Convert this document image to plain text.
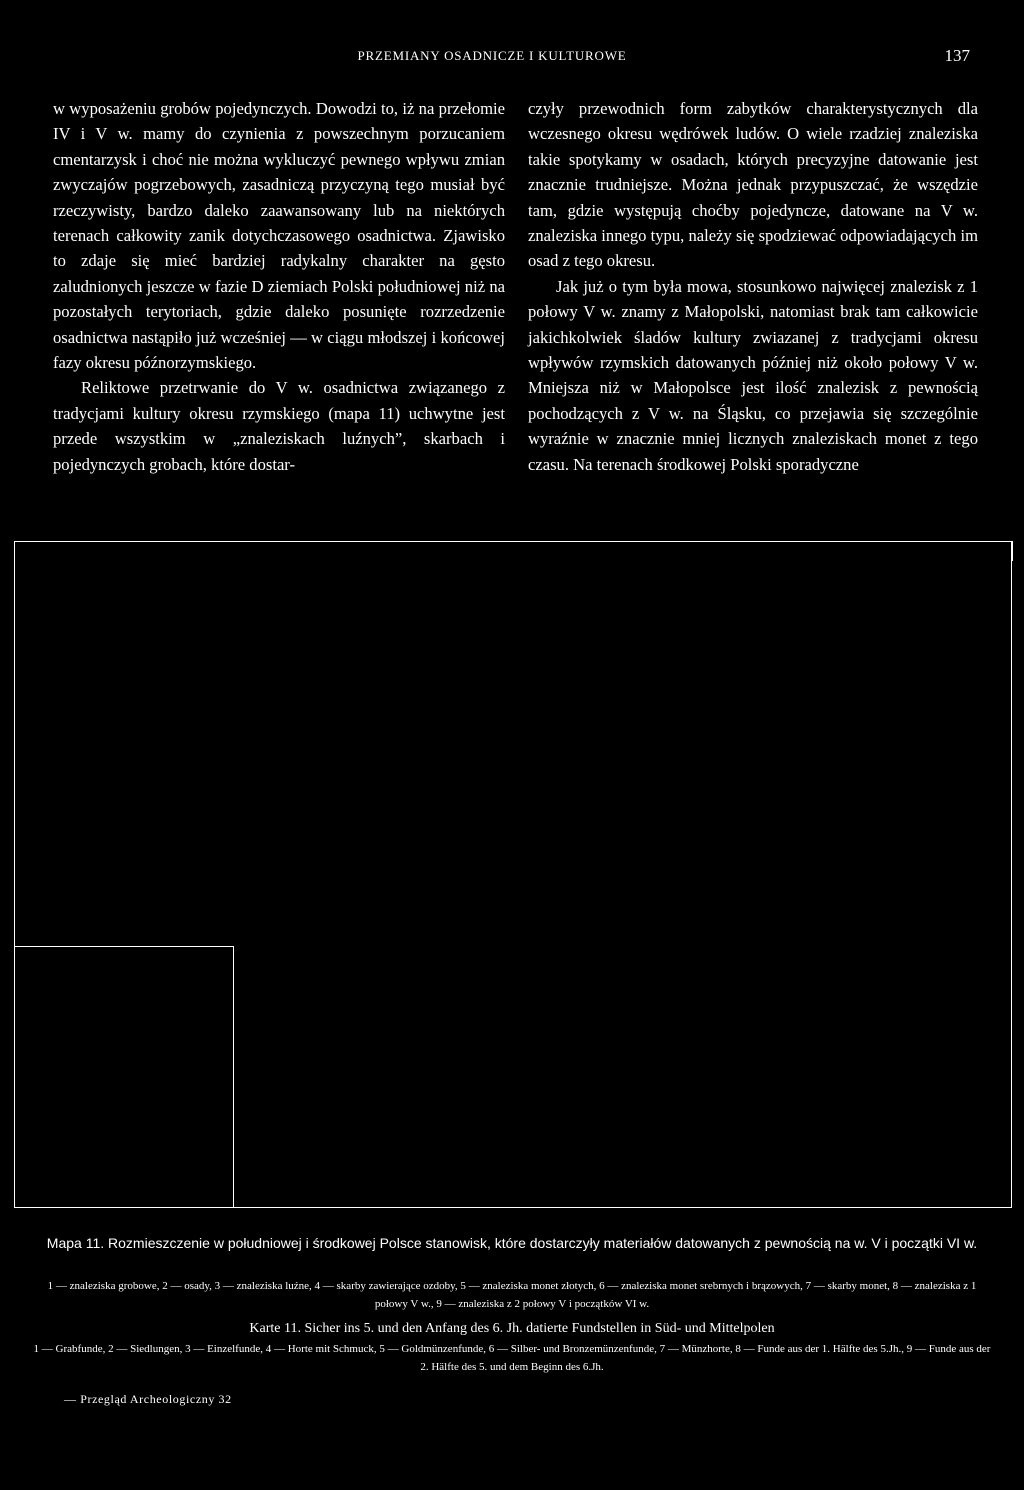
PRZEMIANY OSADNICZE I KULTUROWE	137

w wyposażeniu grobów pojedynczych. Dowodzi to, iż na przełomie IV i V w. mamy do czynienia z powszechnym porzucaniem cmentarzysk i choć nie można wykluczyć pewnego wpływu zmian zwyczajów pogrzebowych, zasadniczą przyczyną tego musiał być rzeczywisty, bardzo daleko zaawansowany lub na niektórych terenach całkowity zanik dotychczasowego osadnictwa. Zjawisko to zdaje się mieć bardziej radykalny charakter na gęsto zaludnionych jeszcze w fazie D ziemiach Polski południowej niż na pozostałych terytoriach, gdzie daleko posunięte rozrzedzenie osadnictwa nastąpiło już wcześniej — w ciągu młodszej i końcowej fazy okresu późnorzymskiego.

Reliktowe przetrwanie do V w. osadnictwa związanego z tradycjami kultury okresu rzymskiego (mapa 11) uchwytne jest przede wszystkim w „znaleziskach luźnych”, skarbach i pojedynczych grobach, które dostar-

czyły przewodnich form zabytków charakterystycznych dla wczesnego okresu wędrówek ludów. O wiele rzadziej znaleziska takie spotykamy w osadach, których precyzyjne datowanie jest znacznie trudniejsze. Można jednak przypuszczać, że wszędzie tam, gdzie występują choćby pojedyncze, datowane na V w. znaleziska innego typu, należy się spodziewać odpowiadających im osad z tego okresu.

Jak już o tym była mowa, stosunkowo najwięcej znalezisk z 1 połowy V w. znamy z Małopolski, natomiast brak tam całkowicie jakichkolwiek śladów kultury zwiazanej z tradycjami okresu wpływów rzymskich datowanych później niż około połowy V w. Mniejsza niż w Małopolsce jest ilość znalezisk z pewnością pochodzących z V w. na Śląsku, co przejawia się szczególnie wyraźnie w znacznie mniej licznych znaleziskach monet z tego czasu. Na terenach środkowej Polski sporadyczne

Mapa 11. Rozmieszczenie w południowej i środkowej Polsce stanowisk, które dostarczyły materiałów datowanych z pewnością na w. V i początki VI w.
1 — znaleziska grobowe, 2 — osady, 3 — znaleziska luźne, 4 — skarby zawierające ozdoby, 5 — znaleziska monet złotych, 6 — znaleziska monet srebrnych i brązowych, 7 — skarby monet, 8 — znaleziska z 1 połowy V w., 9 — znaleziska z 2 połowy V i początków VI w.
Karte 11. Sicher ins 5. und den Anfang des 6. Jh. datierte Fundstellen in Süd- und Mittelpolen
1 — Grabfunde, 2 — Siedlungen, 3 — Einzelfunde, 4 — Horte mit Schmuck, 5 — Goldmünzenfunde, 6 — Silber- und Bronzemünzenfunde, 7 — Münzhorte, 8 — Funde aus der 1. Hälfte des 5.Jh., 9 — Funde aus der 2. Hälfte des 5. und dem Beginn des 6.Jh.
— Przegląd Archeologiczny 32
